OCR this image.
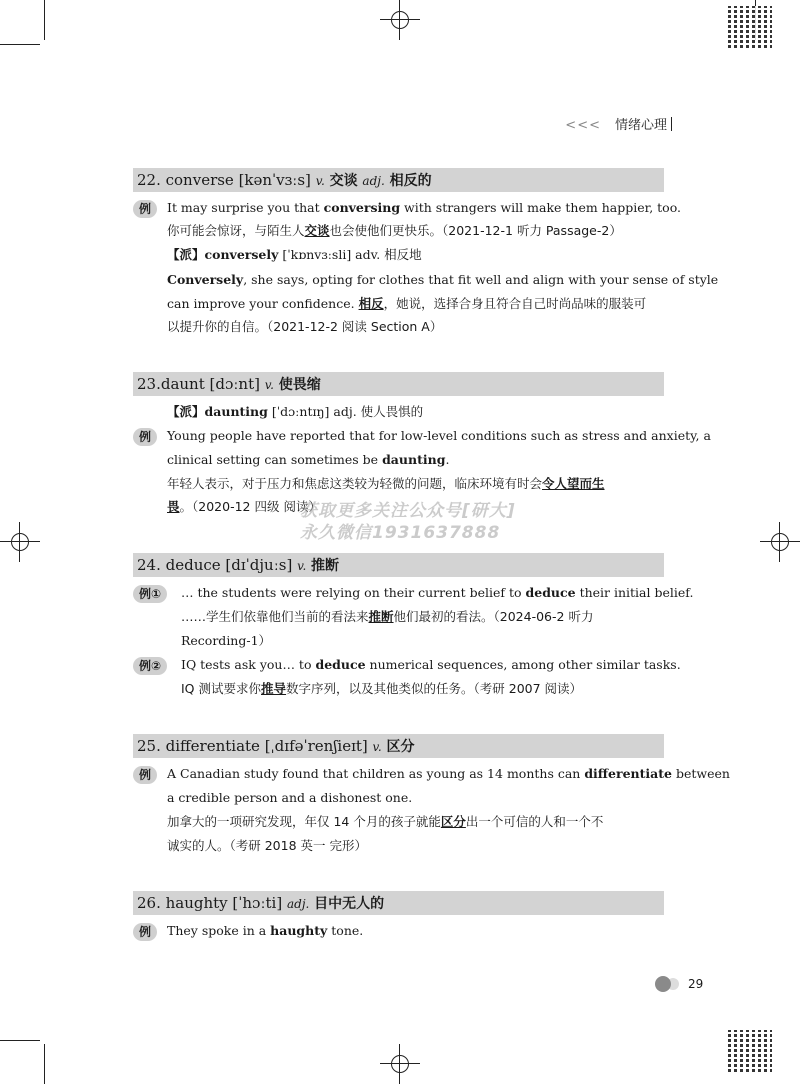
<<< 情绪心理
22. converse [kənˈvɜːs] v. 交谈 adj. 相反的
例	It may surprise you that conversing with strangers will make them happier, too.
你可能会惊讶，与陌生人交谈也会使他们更快乐。（2021-12-1 听力 Passage-2）
【派】conversely [ˈkɒnvɜːsli] adv. 相反地
Conversely, she says, opting for clothes that fit well and align with your sense of style
can improve your confidence. 相反，她说，选择合身且符合自己时尚品味的服装可
以提升你的自信。（2021-12-2 阅读 Section A）
23.daunt [dɔːnt] v. 使畏缩
【派】daunting [ˈdɔːntɪŋ] adj. 使人畏惧的
例	Young people have reported that for low-level conditions such as stress and anxiety, a
clinical setting can sometimes be daunting.
年轻人表示，对于压力和焦虑这类较为轻微的问题，临床环境有时会令人望而生
畏。（2020-12 四级 阅读）
24. deduce [dɪˈdjuːs] v. 推断
例①	… the students were relying on their current belief to deduce their initial belief.
……学生们依靠他们当前的看法来推断他们最初的看法。（2024-06-2 听力
Recording-1）
例②	IQ tests ask you… to deduce numerical sequences, among other similar tasks.
IQ 测试要求你推导数字序列，以及其他类似的任务。（考研 2007 阅读）
25. differentiate [ˌdɪfəˈrenʃieɪt] v. 区分
例	A Canadian study found that children as young as 14 months can differentiate between
a credible person and a dishonest one.
加拿大的一项研究发现，年仅 14 个月的孩子就能区分出一个可信的人和一个不
诚实的人。（考研 2018 英一 完形）
26. haughty [ˈhɔːti] adj. 目中无人的
例	They spoke in a haughty tone.
获取更多关注公众号[研大]
永久微信1931637888
29
